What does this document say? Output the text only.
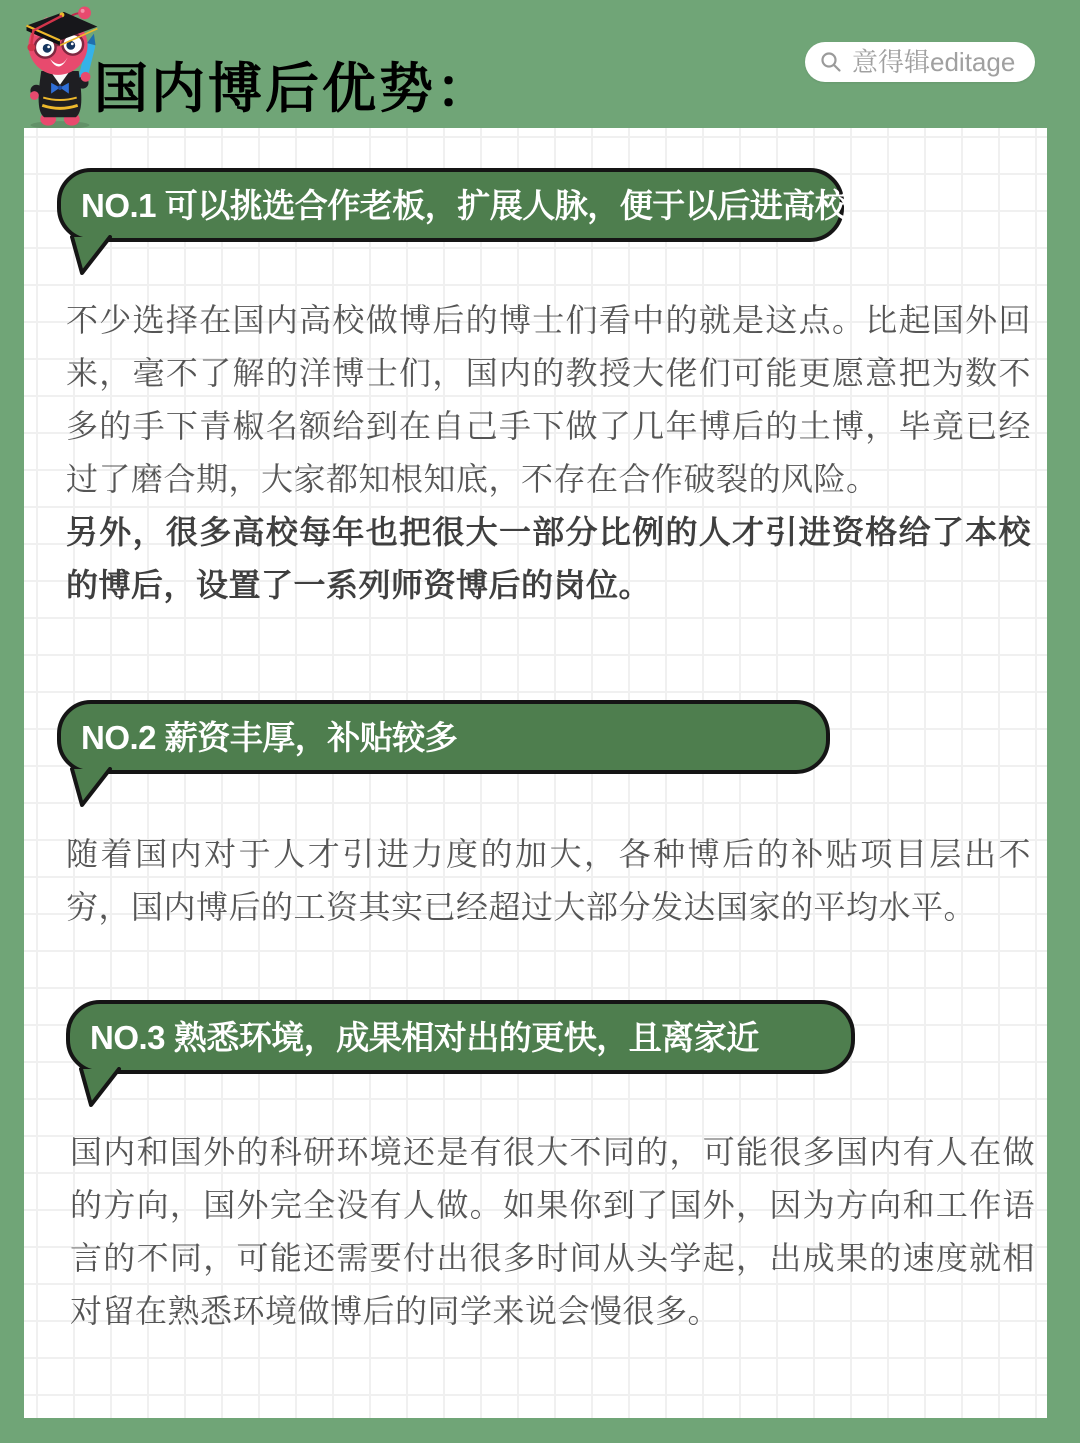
国内博后优势：	意得辑editage
NO.1 可以挑选合作老板，扩展人脉，便于以后进高校

不少选择在国内高校做博后的博士们看中的就是这点。比起国外回来，毫不了解的洋博士们，国内的教授大佬们可能更愿意把为数不多的手下青椒名额给到在自己手下做了几年博后的土博，毕竟已经过了磨合期，大家都知根知底，不存在合作破裂的风险。

另外，很多高校每年也把很大一部分比例的人才引进资格给了本校的博后，设置了一系列师资博后的岗位。

NO.2 薪资丰厚，补贴较多

随着国内对于人才引进力度的加大，各种博后的补贴项目层出不穷，国内博后的工资其实已经超过大部分发达国家的平均水平。

NO.3 熟悉环境，成果相对出的更快，且离家近

国内和国外的科研环境还是有很大不同的，可能很多国内有人在做的方向，国外完全没有人做。如果你到了国外，因为方向和工作语言的不同，可能还需要付出很多时间从头学起，出成果的速度就相对留在熟悉环境做博后的同学来说会慢很多。
